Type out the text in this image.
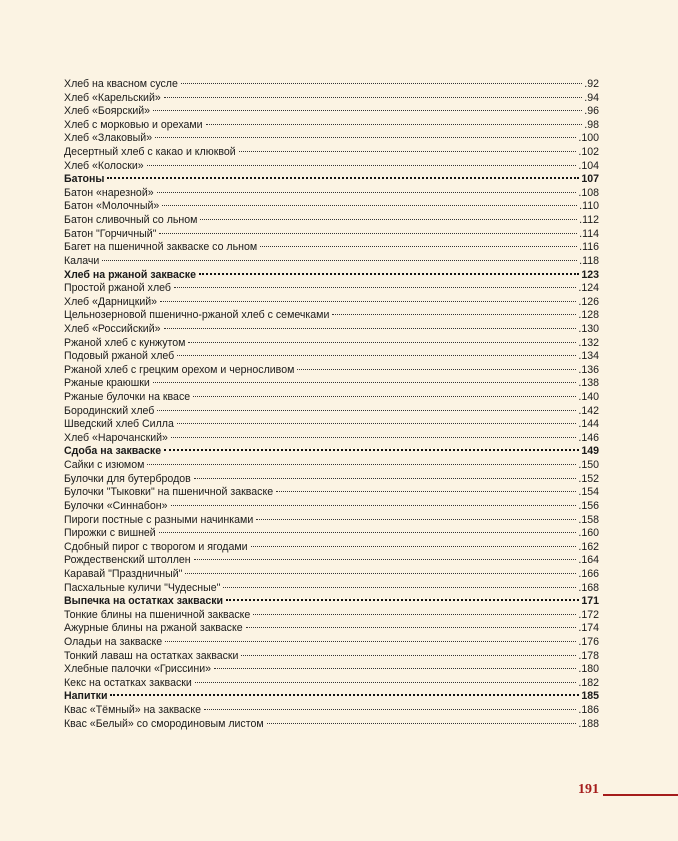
Хлеб на квасном сусле	.92
Хлеб «Карельский»	.94
Хлеб «Боярский»	.96
Хлеб с морковью и орехами	.98
Хлеб «Злаковый»	.100
Десертный хлеб с какао и клюквой	.102
Хлеб «Колоски»	.104
Батоны	107
Батон «нарезной»	.108
Батон «Молочный»	.110
Батон сливочный со льном	.112
Батон "Горчичный"	.114
Багет на пшеничной закваске со льном	.116
Калачи	.118
Хлеб на ржаной закваске	123
Простой ржаной хлеб	.124
Хлеб «Дарницкий»	.126
Цельнозерновой пшенично-ржаной хлеб с семечками	.128
Хлеб «Российский»	.130
Ржаной хлеб с кунжутом	.132
Подовый ржаной хлеб	.134
Ржаной хлеб с грецким орехом и черносливом	.136
Ржаные краюшки	.138
Ржаные булочки на квасе	.140
Бородинский хлеб	.142
Шведский хлеб Силла	.144
Хлеб «Нарочанский»	.146
Сдоба на закваске	149
Сайки с изюмом	.150
Булочки для бутербродов	.152
Булочки "Тыковки" на пшеничной закваске	.154
Булочки «Синнабон»	.156
Пироги постные с разными начинками	.158
Пирожки с вишней	.160
Сдобный пирог с творогом и ягодами	.162
Рождественский штоллен	.164
Каравай "Праздничный"	.166
Пасхальные куличи "Чудесные"	.168
Выпечка на остатках закваски	171
Тонкие блины на пшеничной закваске	.172
Ажурные блины на ржаной закваске	.174
Оладьи на закваске	.176
Тонкий лаваш на остатках закваски	.178
Хлебные палочки «Гриссини»	.180
Кекс на остатках закваски	.182
Напитки	185
Квас «Тёмный» на закваске	.186
Квас «Белый» со смородиновым листом	.188
191
